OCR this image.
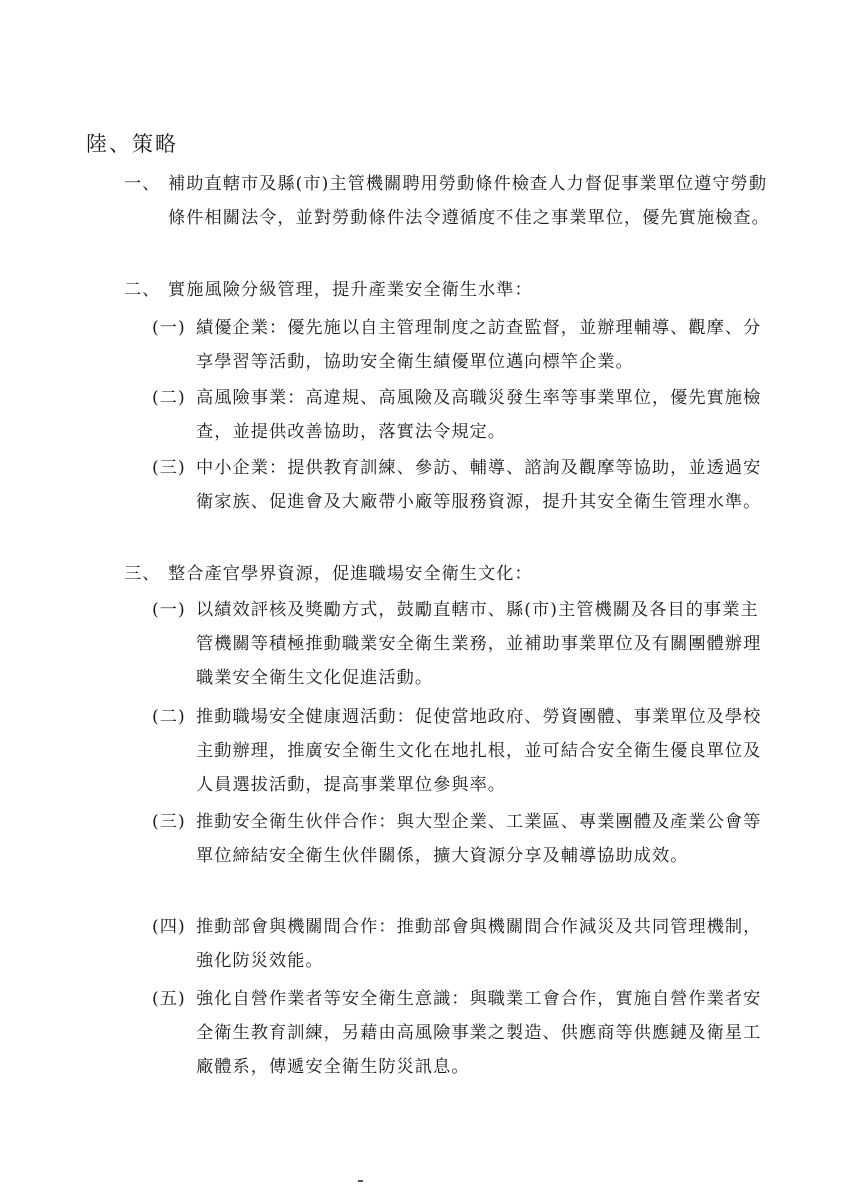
陸、策略
一、 補助直轄市及縣(市)主管機關聘用勞動條件檢查人力督促事業單位遵守勞動條件相關法令，並對勞動條件法令遵循度不佳之事業單位，優先實施檢查。
二、 實施風險分級管理，提升產業安全衛生水準：
(一) 績優企業：優先施以自主管理制度之訪查監督，並辦理輔導、觀摩、分享學習等活動，協助安全衛生績優單位邁向標竿企業。
(二) 高風險事業：高違規、高風險及高職災發生率等事業單位，優先實施檢查，並提供改善協助，落實法令規定。
(三) 中小企業：提供教育訓練、參訪、輔導、諮詢及觀摩等協助，並透過安衛家族、促進會及大廠帶小廠等服務資源，提升其安全衛生管理水準。
三、 整合產官學界資源，促進職場安全衛生文化：
(一) 以績效評核及獎勵方式，鼓勵直轄市、縣(市)主管機關及各目的事業主管機關等積極推動職業安全衛生業務，並補助事業單位及有關團體辦理職業安全衛生文化促進活動。
(二) 推動職場安全健康週活動：促使當地政府、勞資團體、事業單位及學校主動辦理，推廣安全衛生文化在地扎根，並可結合安全衛生優良單位及人員選拔活動，提高事業單位參與率。
(三) 推動安全衛生伙伴合作：與大型企業、工業區、專業團體及產業公會等單位締結安全衛生伙伴關係，擴大資源分享及輔導協助成效。
(四) 推動部會與機關間合作：推動部會與機關間合作減災及共同管理機制，強化防災效能。
(五) 強化自營作業者等安全衛生意識：與職業工會合作，實施自營作業者安全衛生教育訓練，另藉由高風險事業之製造、供應商等供應鏈及衛星工廠體系，傳遞安全衛生防災訊息。
